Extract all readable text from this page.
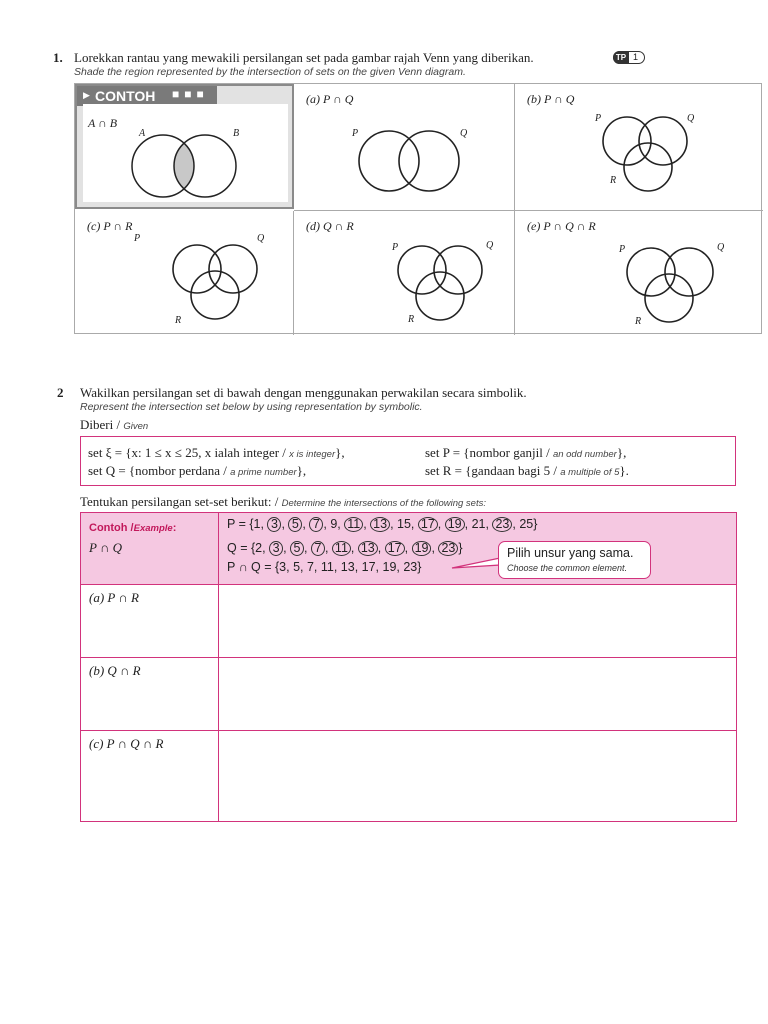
1. Lorekkan rantau yang mewakili persilangan set pada gambar rajah Venn yang diberikan.
Shade the region represented by the intersection of sets on the given Venn diagram.
TP 1
▶ CONTOH ■ ■ ■
A ∩ B
A	B
(a) P ∩ Q
P	Q
(b) P ∩ Q
P	Q
R
(c) P ∩ R
P	Q
R
(d) Q ∩ R
P	Q
R
(e) P ∩ Q ∩ R
P	Q
R
2 Wakilkan persilangan set di bawah dengan menggunakan perwakilan secara simbolik.
Represent the intersection set below by using representation by symbolic.
Diberi / Given
set ξ = {x: 1 ≤ x ≤ 25, x ialah integer / x is integer},	set P = {nombor ganjil / an odd number},
set Q = {nombor perdana / a prime number},	set R = {gandaan bagi 5 / a multiple of 5}.
Tentukan persilangan set-set berikut: / Determine the intersections of the following sets:
Contoh /Example:
P ∩ Q
P = {1, 3 , 5 , 7 , 9, 11 , 13 , 15, 17 , 19 , 21, 23 , 25}
Q = {2, 3 , 5 , 7 , 11 , 13 , 17 , 19 , 23 }
P ∩ Q = {3, 5, 7, 11, 13, 17, 19, 23}
(a) P ∩ R
(b) Q ∩ R
(c) P ∩ Q ∩ R
Pilih unsur yang sama.
Choose the common element.
